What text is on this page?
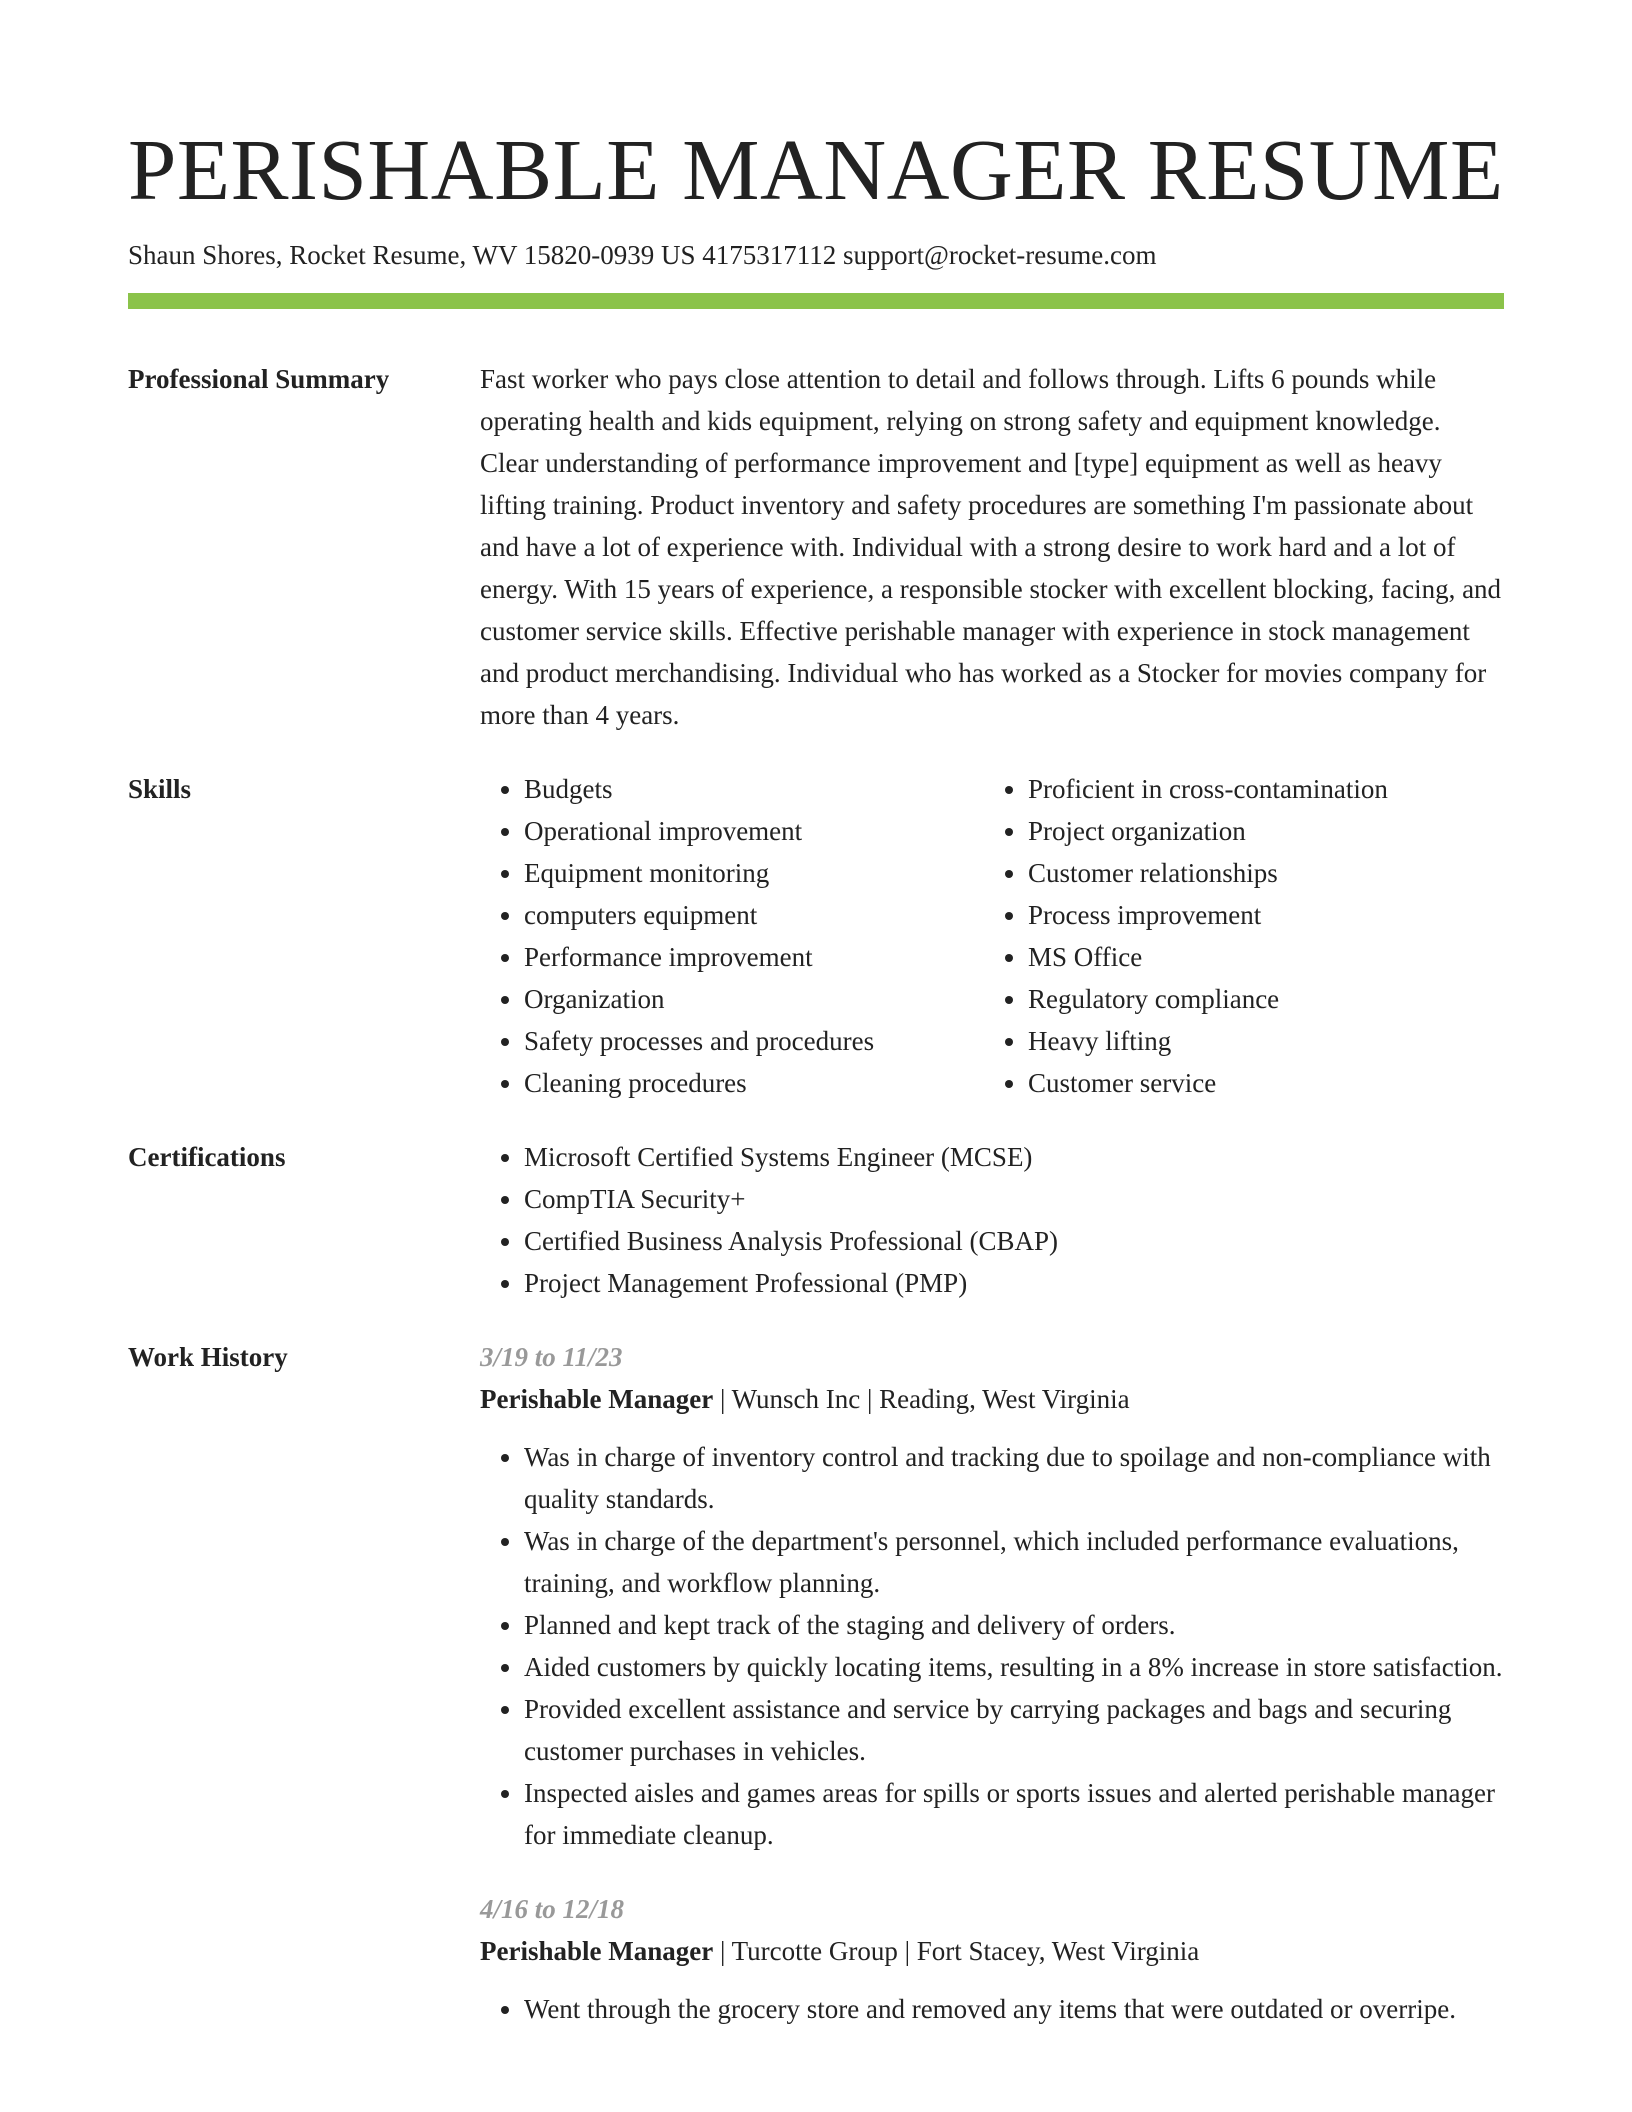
PERISHABLE MANAGER RESUME
Shaun Shores, Rocket Resume, WV 15820-0939 US 4175317112 support@rocket-resume.com
Professional Summary	Fast worker who pays close attention to detail and follows through. Lifts 6 pounds while operating health and kids equipment, relying on strong safety and equipment knowledge. Clear understanding of performance improvement and [type] equipment as well as heavy lifting training. Product inventory and safety procedures are something I'm passionate about and have a lot of experience with. Individual with a strong desire to work hard and a lot of energy. With 15 years of experience, a responsible stocker with excellent blocking, facing, and customer service skills. Effective perishable manager with experience in stock management and product merchandising. Individual who has worked as a Stocker for movies company for more than 4 years.

Skills	• Budgets
• Operational improvement
• Equipment monitoring
• computers equipment
• Performance improvement
• Organization
• Safety processes and procedures
• Cleaning procedures
• Proficient in cross-contamination
• Project organization
• Customer relationships
• Process improvement
• MS Office
• Regulatory compliance
• Heavy lifting
• Customer service
Certifications	• Microsoft Certified Systems Engineer (MCSE)
• CompTIA Security+
• Certified Business Analysis Professional (CBAP)
• Project Management Professional (PMP)
Work History	3/19 to 11/23
Perishable Manager | Wunsch Inc | Reading, West Virginia
• Was in charge of inventory control and tracking due to spoilage and non-compliance with quality standards.
• Was in charge of the department's personnel, which included performance evaluations, training, and workflow planning.
• Planned and kept track of the staging and delivery of orders.
• Aided customers by quickly locating items, resulting in a 8% increase in store satisfaction.
• Provided excellent assistance and service by carrying packages and bags and securing customer purchases in vehicles.
• Inspected aisles and games areas for spills or sports issues and alerted perishable manager for immediate cleanup.
4/16 to 12/18
Perishable Manager | Turcotte Group | Fort Stacey, West Virginia
• Went through the grocery store and removed any items that were outdated or overripe.
